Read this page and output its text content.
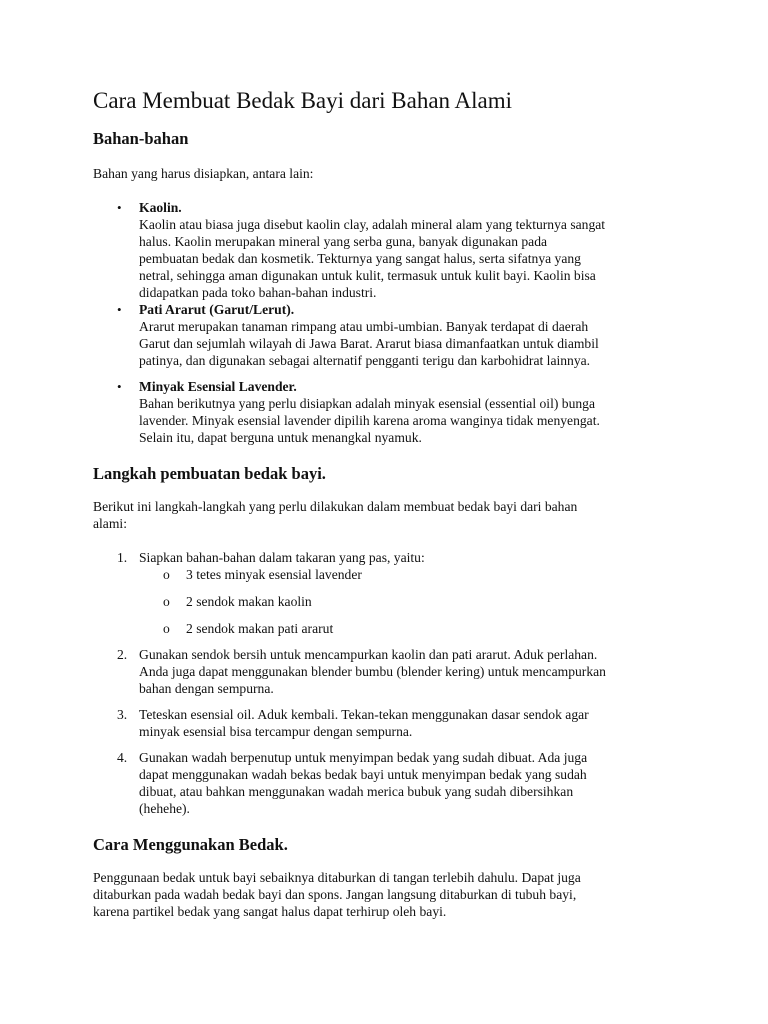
Cara Membuat Bedak Bayi dari Bahan Alami
Bahan-bahan
Bahan yang harus disiapkan, antara lain:
• Kaolin.
Kaolin atau biasa juga disebut kaolin clay, adalah mineral alam yang tekturnya sangat
halus. Kaolin merupakan mineral yang serba guna, banyak digunakan pada
pembuatan bedak dan kosmetik. Tekturnya yang sangat halus, serta sifatnya yang
netral, sehingga aman digunakan untuk kulit, termasuk untuk kulit bayi. Kaolin bisa
didapatkan pada toko bahan-bahan industri.
• Pati Ararut (Garut/Lerut).
Ararut merupakan tanaman rimpang atau umbi-umbian. Banyak terdapat di daerah
Garut dan sejumlah wilayah di Jawa Barat. Ararut biasa dimanfaatkan untuk diambil
patinya, dan digunakan sebagai alternatif pengganti terigu dan karbohidrat lainnya.
• Minyak Esensial Lavender.
Bahan berikutnya yang perlu disiapkan adalah minyak esensial (essential oil) bunga
lavender. Minyak esensial lavender dipilih karena aroma wanginya tidak menyengat.
Selain itu, dapat berguna untuk menangkal nyamuk.
Langkah pembuatan bedak bayi.
Berikut ini langkah-langkah yang perlu dilakukan dalam membuat bedak bayi dari bahan
alami:
1. Siapkan bahan-bahan dalam takaran yang pas, yaitu:
o 3 tetes minyak esensial lavender
o 2 sendok makan kaolin
o 2 sendok makan pati ararut
2. Gunakan sendok bersih untuk mencampurkan kaolin dan pati ararut. Aduk perlahan.
Anda juga dapat menggunakan blender bumbu (blender kering) untuk mencampurkan
bahan dengan sempurna.
3. Teteskan esensial oil. Aduk kembali. Tekan-tekan menggunakan dasar sendok agar
minyak esensial bisa tercampur dengan sempurna.
4. Gunakan wadah berpenutup untuk menyimpan bedak yang sudah dibuat. Ada juga
dapat menggunakan wadah bekas bedak bayi untuk menyimpan bedak yang sudah
dibuat, atau bahkan menggunakan wadah merica bubuk yang sudah dibersihkan
(hehehe).
Cara Menggunakan Bedak.
Penggunaan bedak untuk bayi sebaiknya ditaburkan di tangan terlebih dahulu. Dapat juga
ditaburkan pada wadah bedak bayi dan spons. Jangan langsung ditaburkan di tubuh bayi,
karena partikel bedak yang sangat halus dapat terhirup oleh bayi.
